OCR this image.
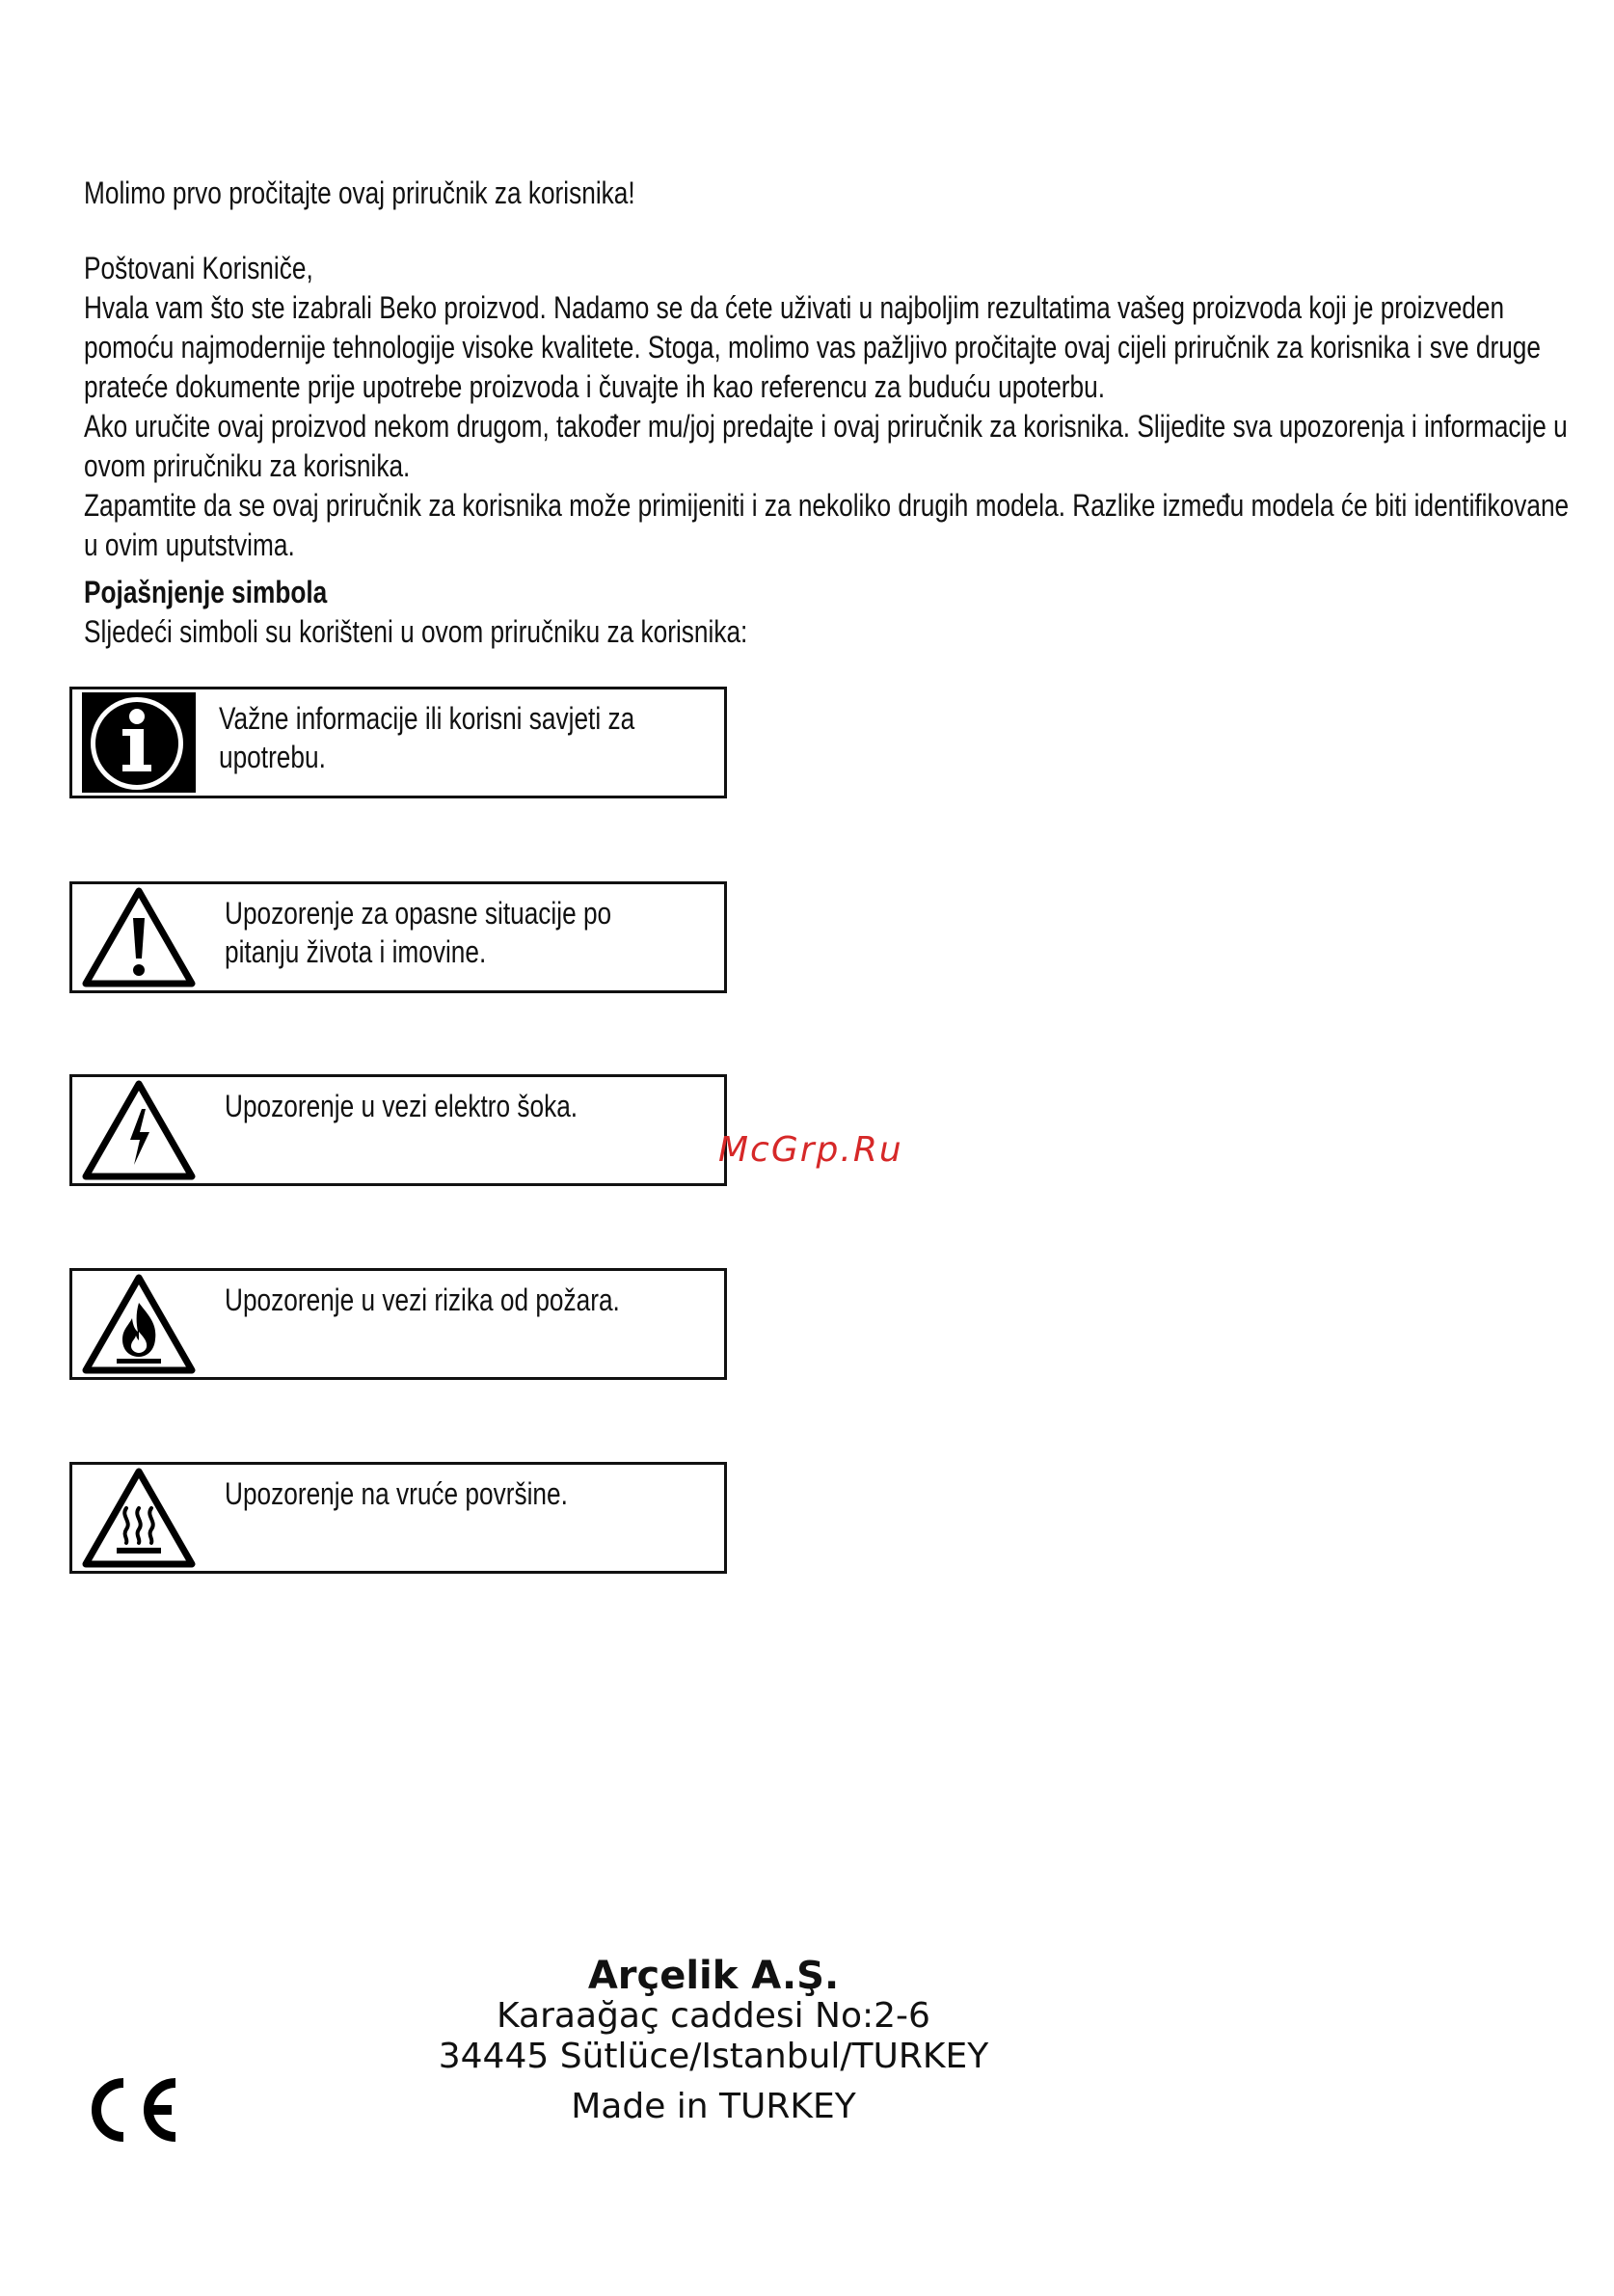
Molimo prvo pročitajte ovaj priručnik za korisnika!

Poštovani Korisniče,

Hvala vam što ste izabrali Beko proizvod. Nadamo se da ćete uživati u najboljim rezultatima vašeg proizvoda koji je proizveden pomoću najmodernije tehnologije visoke kvalitete. Stoga, molimo vas pažljivo pročitajte ovaj cijeli priručnik za korisnika i sve druge prateće dokumente prije upotrebe proizvoda i čuvajte ih kao referencu za buduću upoterbu.

Ako uručite ovaj proizvod nekom drugom, također mu/joj predajte i ovaj priručnik za korisnika. Slijedite sva upozorenja i informacije u ovom priručniku za korisnika.

Zapamtite da se ovaj priručnik za korisnika može primijeniti i za nekoliko drugih modela. Razlike između modela će biti identifikovane u ovim uputstvima.

Pojašnjenje simbola

Sljedeći simboli su korišteni u ovom priručniku za korisnika:

Važne informacije ili korisni savjeti za upotrebu.
Upozorenje za opasne situacije po pitanju života i imovine.
Upozorenje u vezi elektro šoka.
Upozorenje u vezi rizika od požara.
Upozorenje na vruće površine.
McGrp.Ru
Arçelik A.Ş.
Karaağaç caddesi No:2-6
34445 Sütlüce/Istanbul/TURKEY
Made in TURKEY
